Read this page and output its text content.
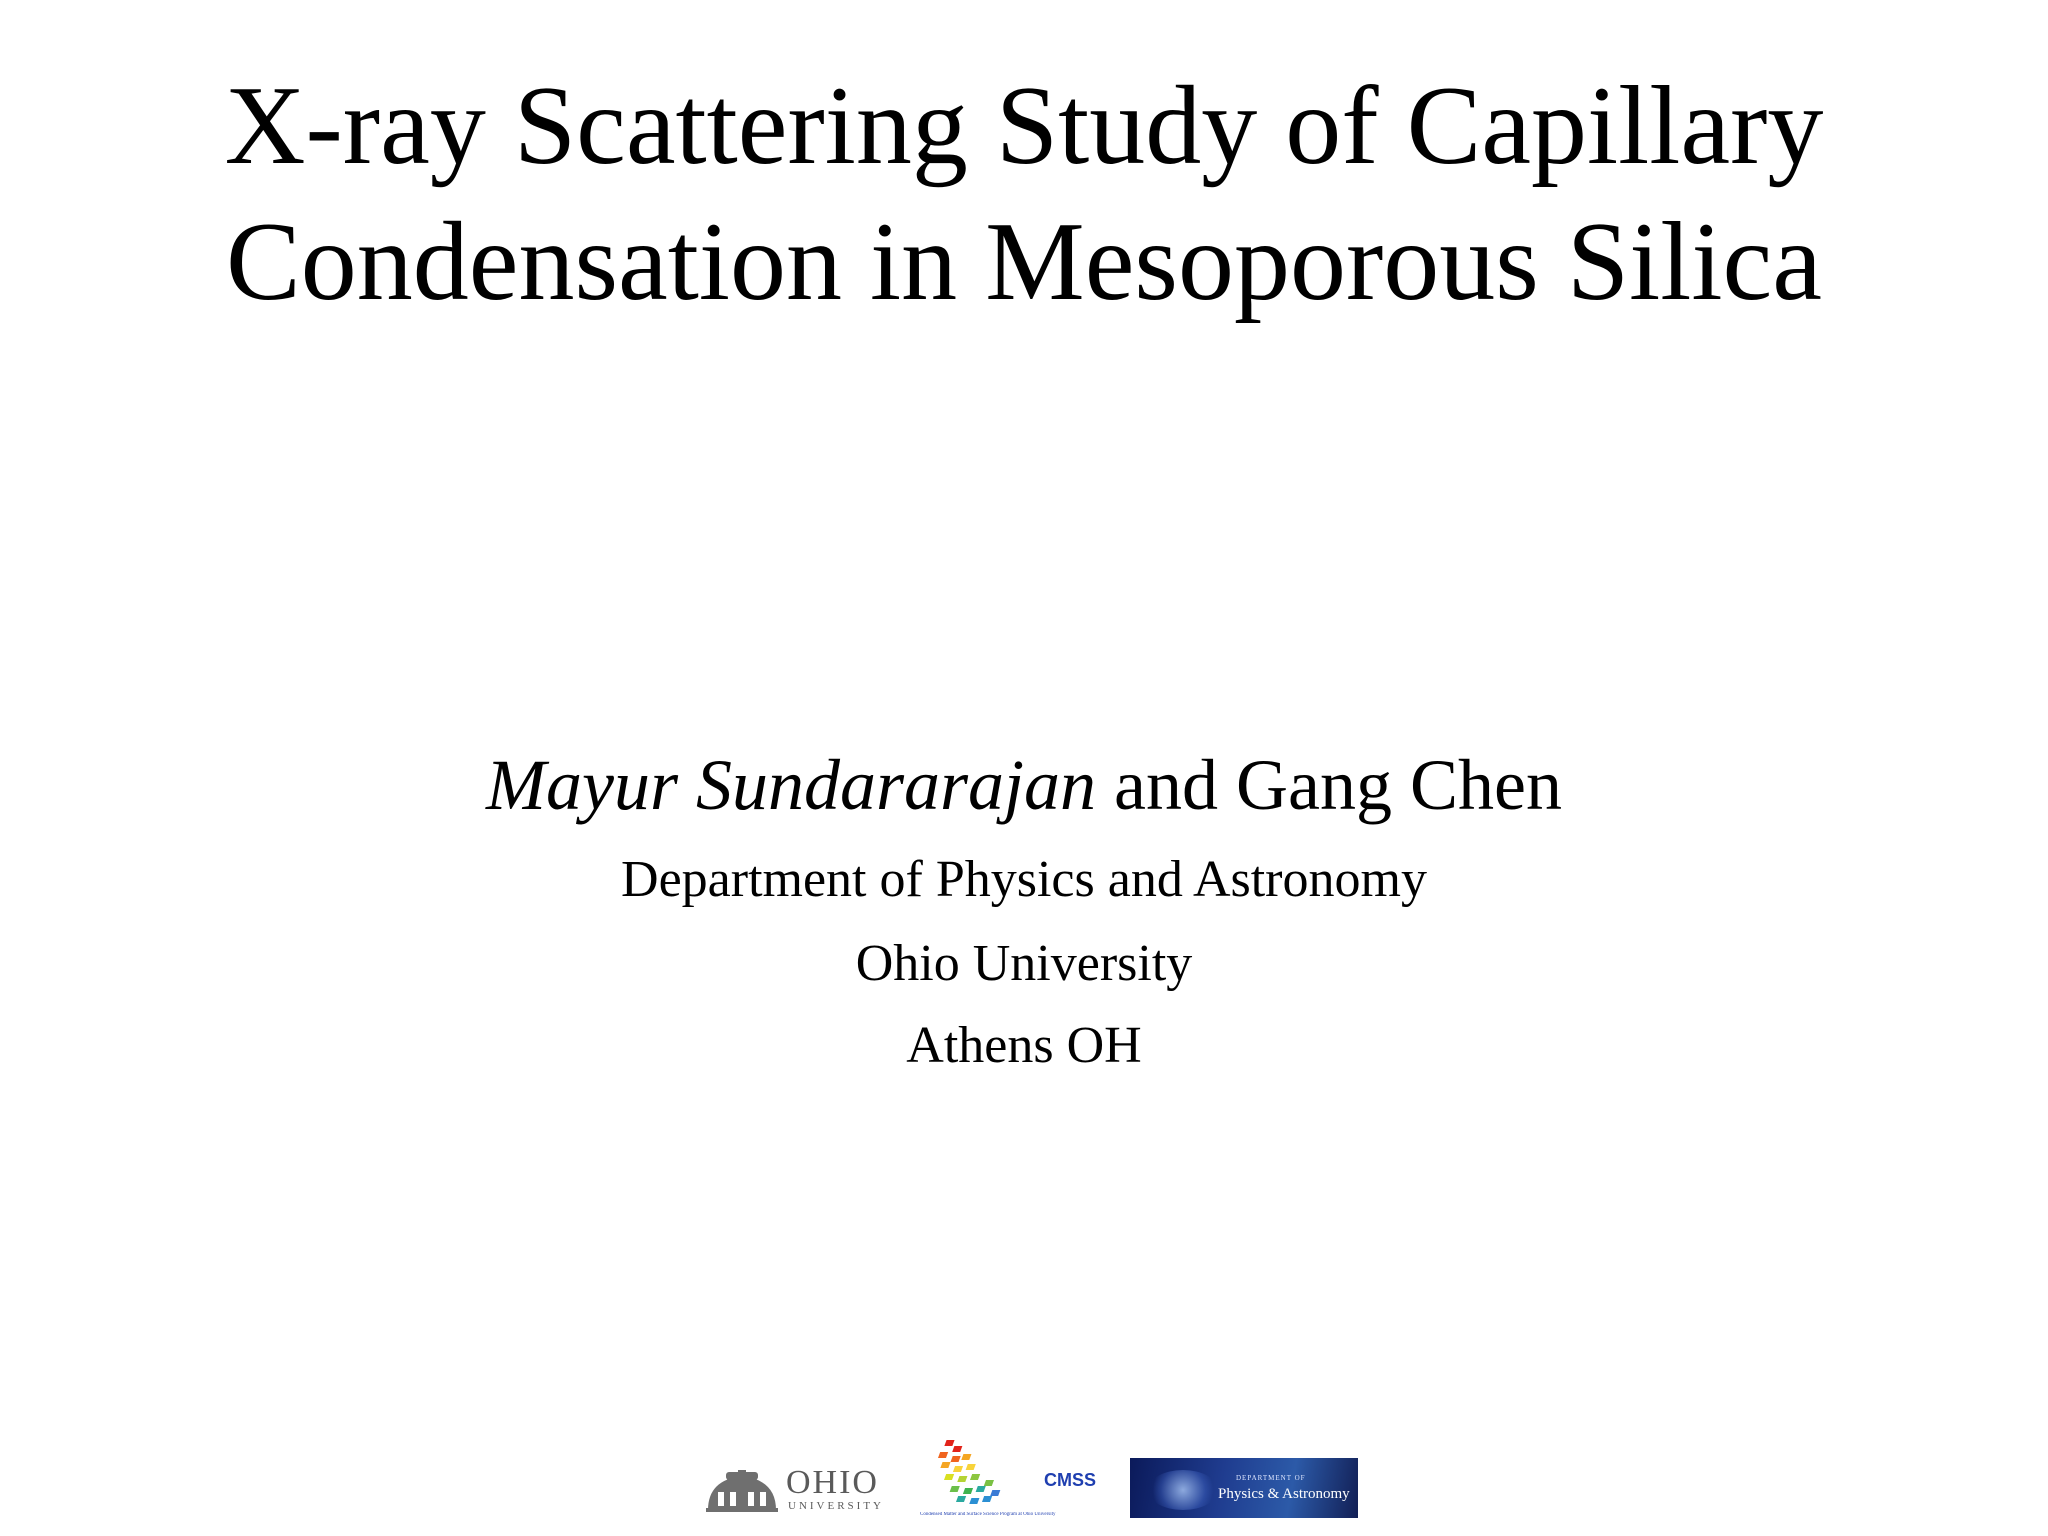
X-ray Scattering Study of Capillary
Condensation in Mesoporous Silica
Mayur Sundararajan and Gang Chen
Department of Physics and Astronomy
Ohio University
Athens OH
OHIO
UNIVERSITY
CMSS
Condensed Matter and Surface Science Program at Ohio University
DEPARTMENT OF
Physics & Astronomy
